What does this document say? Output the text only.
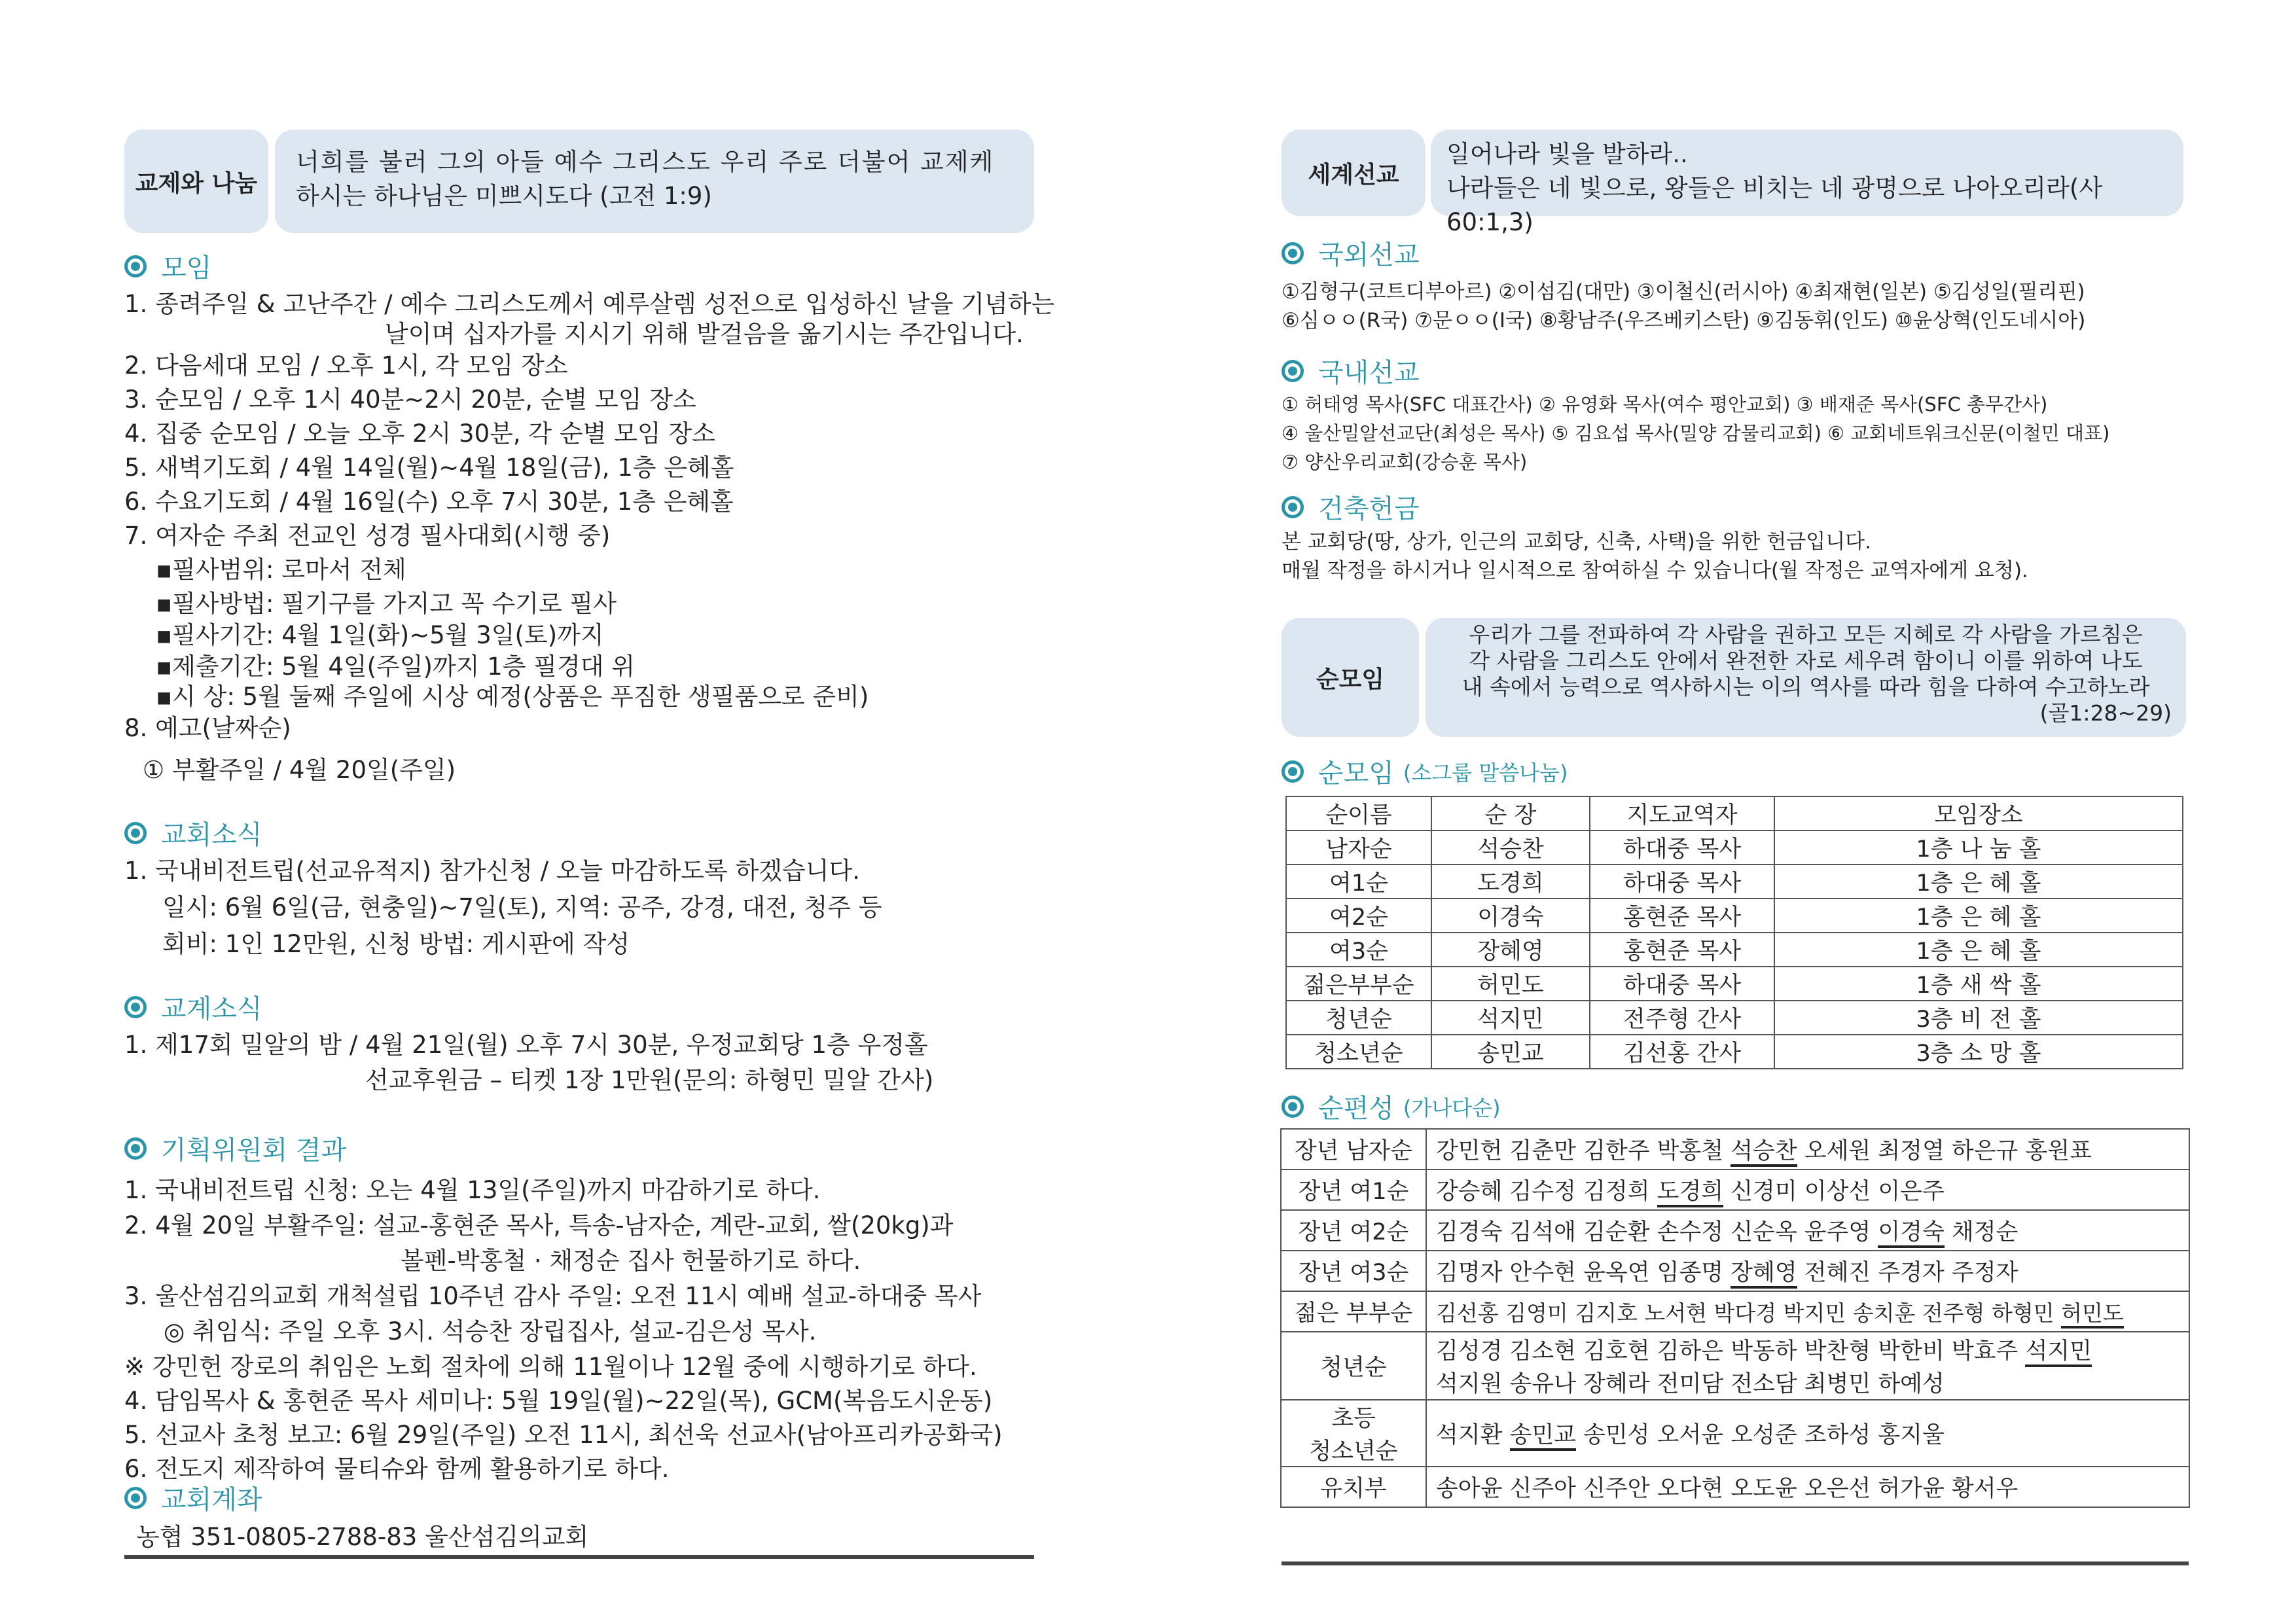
교제와 나눔
너희를 불러 그의 아들 예수 그리스도 우리 주로 더불어 교제케
하시는 하나님은 미쁘시도다 (고전 1:9)
모임
1. 종려주일 & 고난주간 / 예수 그리스도께서 예루살렘 성전으로 입성하신 날을 기념하는
날이며 십자가를 지시기 위해 발걸음을 옮기시는 주간입니다.
2. 다음세대 모임 / 오후 1시, 각 모임 장소
3. 순모임 / 오후 1시 40분~2시 20분, 순별 모임 장소
4. 집중 순모임 / 오늘 오후 2시 30분, 각 순별 모임 장소
5. 새벽기도회 / 4월 14일(월)~4월 18일(금), 1층 은혜홀
6. 수요기도회 / 4월 16일(수) 오후 7시 30분, 1층 은혜홀
7. 여자순 주최 전교인 성경 필사대회(시행 중)
▪필사범위: 로마서 전체
▪필사방법: 필기구를 가지고 꼭 수기로 필사
▪필사기간: 4월 1일(화)~5월 3일(토)까지
▪제출기간: 5월 4일(주일)까지 1층 필경대 위
▪시 상: 5월 둘째 주일에 시상 예정(상품은 푸짐한 생필품으로 준비)
8. 예고(날짜순)
① 부활주일 / 4월 20일(주일)
교회소식
1. 국내비전트립(선교유적지) 참가신청 / 오늘 마감하도록 하겠습니다.
일시: 6월 6일(금, 현충일)~7일(토), 지역: 공주, 강경, 대전, 청주 등
회비: 1인 12만원, 신청 방법: 게시판에 작성
교계소식
1. 제17회 밀알의 밤 / 4월 21일(월) 오후 7시 30분, 우정교회당 1층 우정홀
선교후원금 – 티켓 1장 1만원(문의: 하형민 밀알 간사)
기획위원회 결과
1. 국내비전트립 신청: 오는 4월 13일(주일)까지 마감하기로 하다.
2. 4월 20일 부활주일: 설교-홍현준 목사, 특송-남자순, 계란-교회, 쌀(20kg)과
볼펜-박홍철 · 채정순 집사 헌물하기로 하다.
3. 울산섬김의교회 개척설립 10주년 감사 주일: 오전 11시 예배 설교-하대중 목사
◎ 취임식: 주일 오후 3시. 석승찬 장립집사, 설교-김은성 목사.
※ 강민헌 장로의 취임은 노회 절차에 의해 11월이나 12월 중에 시행하기로 하다.
4. 담임목사 & 홍현준 목사 세미나: 5월 19일(월)~22일(목), GCM(복음도시운동)
5. 선교사 초청 보고: 6월 29일(주일) 오전 11시, 최선욱 선교사(남아프리카공화국)
6. 전도지 제작하여 물티슈와 함께 활용하기로 하다.
교회계좌
농협 351-0805-2788-83 울산섬김의교회
세계선교
일어나라 빛을 발하라..
나라들은 네 빛으로, 왕들은 비치는 네 광명으로 나아오리라(사60:1,3)
국외선교
①김형구(코트디부아르) ②이섬김(대만) ③이철신(러시아) ④최재현(일본) ⑤김성일(필리핀)
⑥심ㅇㅇ(R국) ⑦문ㅇㅇ(I국) ⑧황남주(우즈베키스탄) ⑨김동휘(인도) ⑩윤상혁(인도네시아)
국내선교
① 허태영 목사(SFC 대표간사) ② 유영화 목사(여수 평안교회) ③ 배재준 목사(SFC 총무간사)
④ 울산밀알선교단(최성은 목사) ⑤ 김요섭 목사(밀양 감물리교회) ⑥ 교회네트워크신문(이철민 대표)
⑦ 양산우리교회(강승훈 목사)
건축헌금
본 교회당(땅, 상가, 인근의 교회당, 신축, 사택)을 위한 헌금입니다.
매월 작정을 하시거나 일시적으로 참여하실 수 있습니다(월 작정은 교역자에게 요청).
순모임
우리가 그를 전파하여 각 사람을 권하고 모든 지혜로 각 사람을 가르침은
각 사람을 그리스도 안에서 완전한 자로 세우려 함이니 이를 위하여 나도
내 속에서 능력으로 역사하시는 이의 역사를 따라 힘을 다하여 수고하노라
(골1:28~29)
순모임 (소그룹 말씀나눔)
순이름	순 장	지도교역자	모임장소
남자순	석승찬	하대중 목사	1층 나 눔 홀
여1순	도경희	하대중 목사	1층 은 혜 홀
여2순	이경숙	홍현준 목사	1층 은 혜 홀
여3순	장혜영	홍현준 목사	1층 은 혜 홀
젊은부부순	허민도	하대중 목사	1층 새 싹 홀
청년순	석지민	전주형 간사	3층 비 전 홀
청소년순	송민교	김선홍 간사	3층 소 망 홀
순편성 (가나다순)
장년 남자순	강민헌 김춘만 김한주 박홍철 석승찬 오세원 최정열 하은규 홍원표
장년 여1순	강승혜 김수정 김정희 도경희 신경미 이상선 이은주
장년 여2순	김경숙 김석애 김순환 손수정 신순옥 윤주영 이경숙 채정순
장년 여3순	김명자 안수현 윤옥연 임종명 장혜영 전혜진 주경자 주정자
젊은 부부순	김선홍 김영미 김지호 노서현 박다경 박지민 송치훈 전주형 하형민 허민도
청년순	김성경 김소현 김호현 김하은 박동하 박찬형 박한비 박효주 석지민
석지원 송유나 장혜라 전미담 전소담 최병민 하예성

초등
청소년순	석지환 송민교 송민성 오서윤 오성준 조하성 홍지울
유치부	송아윤 신주아 신주안 오다현 오도윤 오은선 허가윤 황서우
